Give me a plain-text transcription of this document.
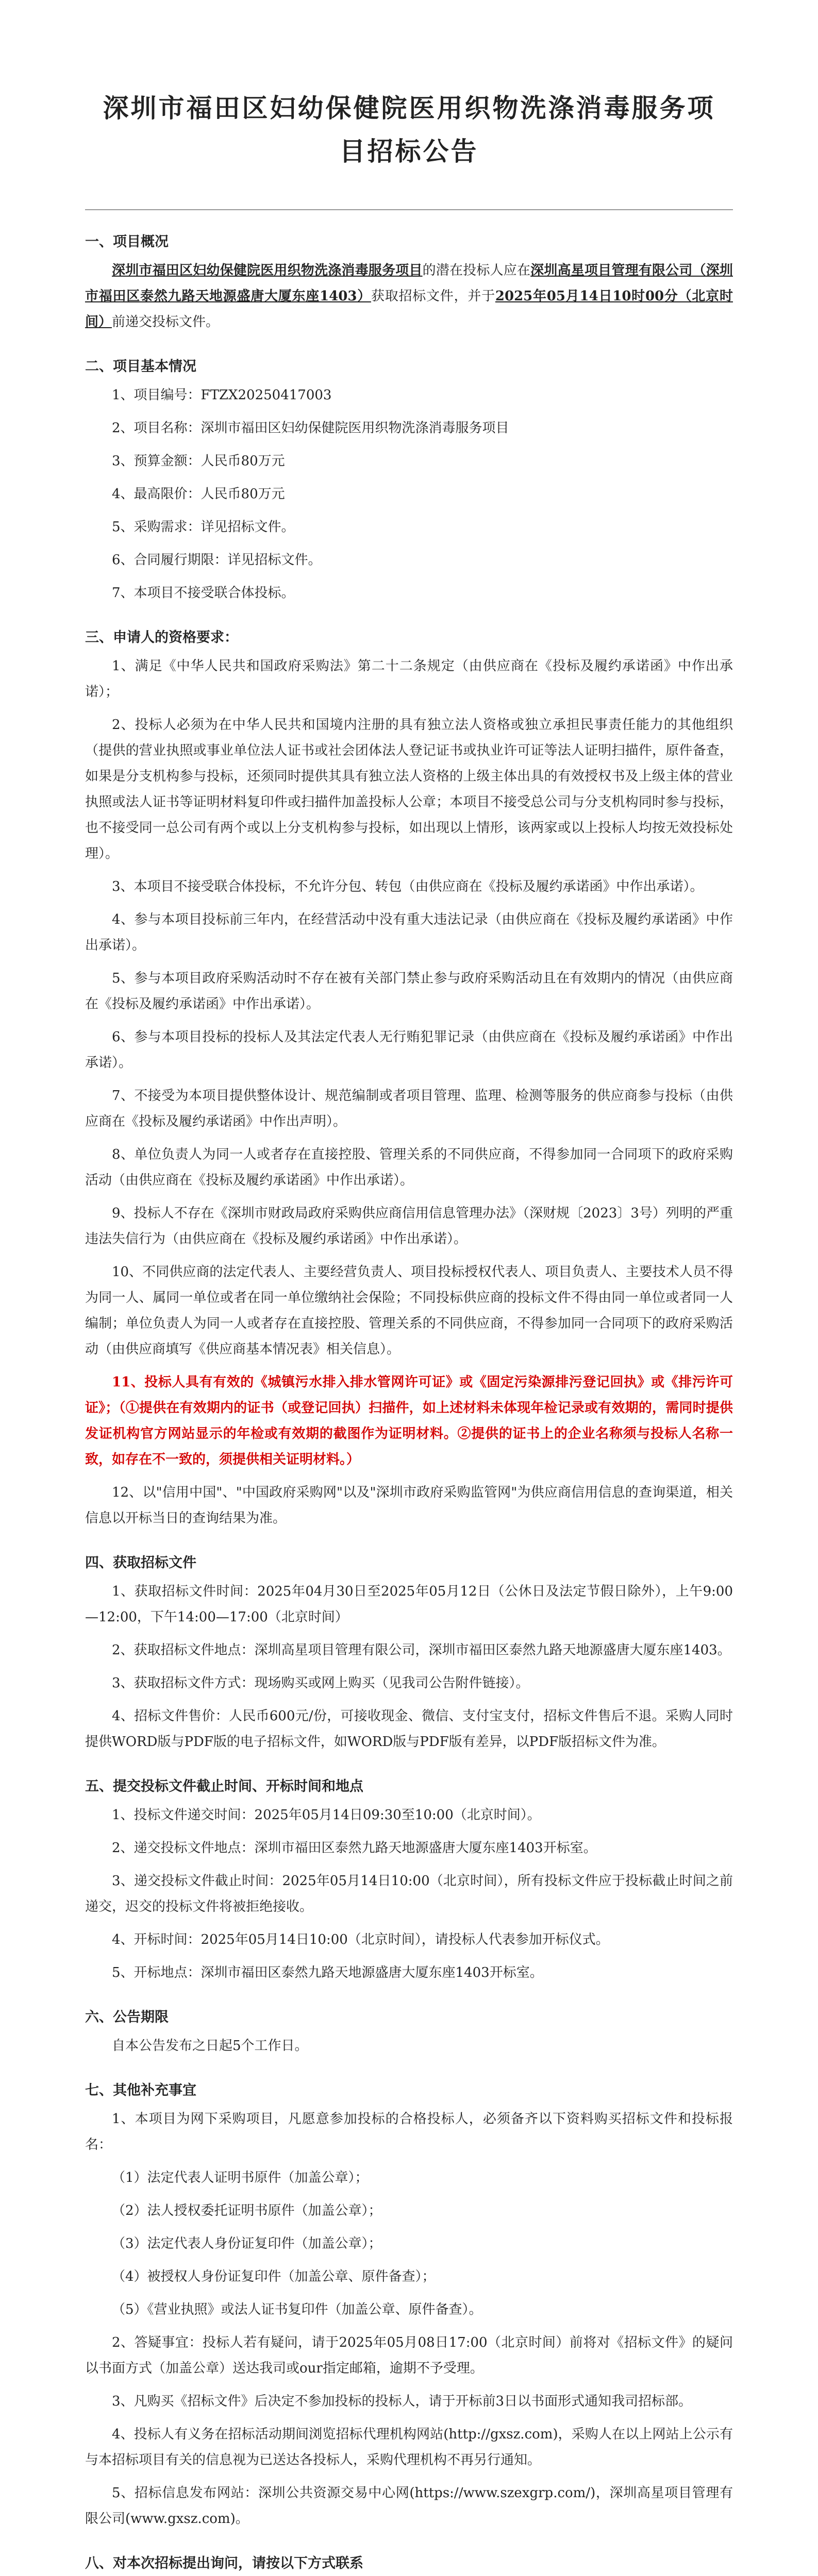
深圳市福田区妇幼保健院医用织物洗涤消毒服务项目招标公告
一、项目概况

深圳市福田区妇幼保健院医用织物洗涤消毒服务项目的潜在投标人应在深圳高星项目管理有限公司（深圳市福田区泰然九路天地源盛唐大厦东座1403）获取招标文件，并于2025年05月14日10时00分（北京时间）前递交投标文件。

二、项目基本情况

1、项目编号：FTZX20250417003

2、项目名称：深圳市福田区妇幼保健院医用织物洗涤消毒服务项目

3、预算金额：人民币80万元

4、最高限价：人民币80万元

5、采购需求：详见招标文件。

6、合同履行期限：详见招标文件。

7、本项目不接受联合体投标。

三、申请人的资格要求：

1、满足《中华人民共和国政府采购法》第二十二条规定（由供应商在《投标及履约承诺函》中作出承诺）；

2、投标人必须为在中华人民共和国境内注册的具有独立法人资格或独立承担民事责任能力的其他组织（提供的营业执照或事业单位法人证书或社会团体法人登记证书或执业许可证等法人证明扫描件，原件备查，如果是分支机构参与投标，还须同时提供其具有独立法人资格的上级主体出具的有效授权书及上级主体的营业执照或法人证书等证明材料复印件或扫描件加盖投标人公章；本项目不接受总公司与分支机构同时参与投标，也不接受同一总公司有两个或以上分支机构参与投标，如出现以上情形，该两家或以上投标人均按无效投标处理）。

3、本项目不接受联合体投标，不允许分包、转包（由供应商在《投标及履约承诺函》中作出承诺）。

4、参与本项目投标前三年内，在经营活动中没有重大违法记录（由供应商在《投标及履约承诺函》中作出承诺）。

5、参与本项目政府采购活动时不存在被有关部门禁止参与政府采购活动且在有效期内的情况（由供应商在《投标及履约承诺函》中作出承诺）。

6、参与本项目投标的投标人及其法定代表人无行贿犯罪记录（由供应商在《投标及履约承诺函》中作出承诺）。

7、不接受为本项目提供整体设计、规范编制或者项目管理、监理、检测等服务的供应商参与投标（由供应商在《投标及履约承诺函》中作出声明）。

8、单位负责人为同一人或者存在直接控股、管理关系的不同供应商，不得参加同一合同项下的政府采购活动（由供应商在《投标及履约承诺函》中作出承诺）。

9、投标人不存在《深圳市财政局政府采购供应商信用信息管理办法》（深财规〔2023〕3号）列明的严重违法失信行为（由供应商在《投标及履约承诺函》中作出承诺）。

10、不同供应商的法定代表人、主要经营负责人、项目投标授权代表人、项目负责人、主要技术人员不得为同一人、属同一单位或者在同一单位缴纳社会保险；不同投标供应商的投标文件不得由同一单位或者同一人编制；单位负责人为同一人或者存在直接控股、管理关系的不同供应商，不得参加同一合同项下的政府采购活动（由供应商填写《供应商基本情况表》相关信息）。

11、投标人具有有效的《城镇污水排入排水管网许可证》或《固定污染源排污登记回执》或《排污许可证》；（①提供在有效期内的证书（或登记回执）扫描件，如上述材料未体现年检记录或有效期的，需同时提供发证机构官方网站显示的年检或有效期的截图作为证明材料。②提供的证书上的企业名称须与投标人名称一致，如存在不一致的，须提供相关证明材料。）

12、以"信用中国"、"中国政府采购网"以及"深圳市政府采购监管网"为供应商信用信息的查询渠道，相关信息以开标当日的查询结果为准。

四、获取招标文件

1、获取招标文件时间：2025年04月30日至2025年05月12日（公休日及法定节假日除外），上午9:00—12:00，下午14:00—17:00（北京时间）

2、获取招标文件地点：深圳高星项目管理有限公司，深圳市福田区泰然九路天地源盛唐大厦东座1403。

3、获取招标文件方式：现场购买或网上购买（见我司公告附件链接）。

4、招标文件售价：人民币600元/份，可接收现金、微信、支付宝支付，招标文件售后不退。采购人同时提供WORD版与PDF版的电子招标文件，如WORD版与PDF版有差异，以PDF版招标文件为准。

五、提交投标文件截止时间、开标时间和地点

1、投标文件递交时间：2025年05月14日09:30至10:00（北京时间）。

2、递交投标文件地点：深圳市福田区泰然九路天地源盛唐大厦东座1403开标室。

3、递交投标文件截止时间：2025年05月14日10:00（北京时间），所有投标文件应于投标截止时间之前递交，迟交的投标文件将被拒绝接收。

4、开标时间：2025年05月14日10:00（北京时间），请投标人代表参加开标仪式。

5、开标地点：深圳市福田区泰然九路天地源盛唐大厦东座1403开标室。

六、公告期限

自本公告发布之日起5个工作日。

七、其他补充事宜

1、本项目为网下采购项目，凡愿意参加投标的合格投标人，必须备齐以下资料购买招标文件和投标报名：

（1）法定代表人证明书原件（加盖公章）；

（2）法人授权委托证明书原件（加盖公章）；

（3）法定代表人身份证复印件（加盖公章）；

（4）被授权人身份证复印件（加盖公章、原件备查）；

（5）《营业执照》或法人证书复印件（加盖公章、原件备查）。

2、答疑事宜：投标人若有疑问，请于2025年05月08日17:00（北京时间）前将对《招标文件》的疑问以书面方式（加盖公章）送达我司或our指定邮箱，逾期不予受理。

3、凡购买《招标文件》后决定不参加投标的投标人，请于开标前3日以书面形式通知我司招标部。

4、投标人有义务在招标活动期间浏览招标代理机构网站(http://gxsz.com)，采购人在以上网站上公示有与本招标项目有关的信息视为已送达各投标人，采购代理机构不再另行通知。

5、招标信息发布网站：深圳公共资源交易中心网(https://www.szexgrp.com/)，深圳高星项目管理有限公司(www.gxsz.com)。

八、对本次招标提出询问，请按以下方式联系
